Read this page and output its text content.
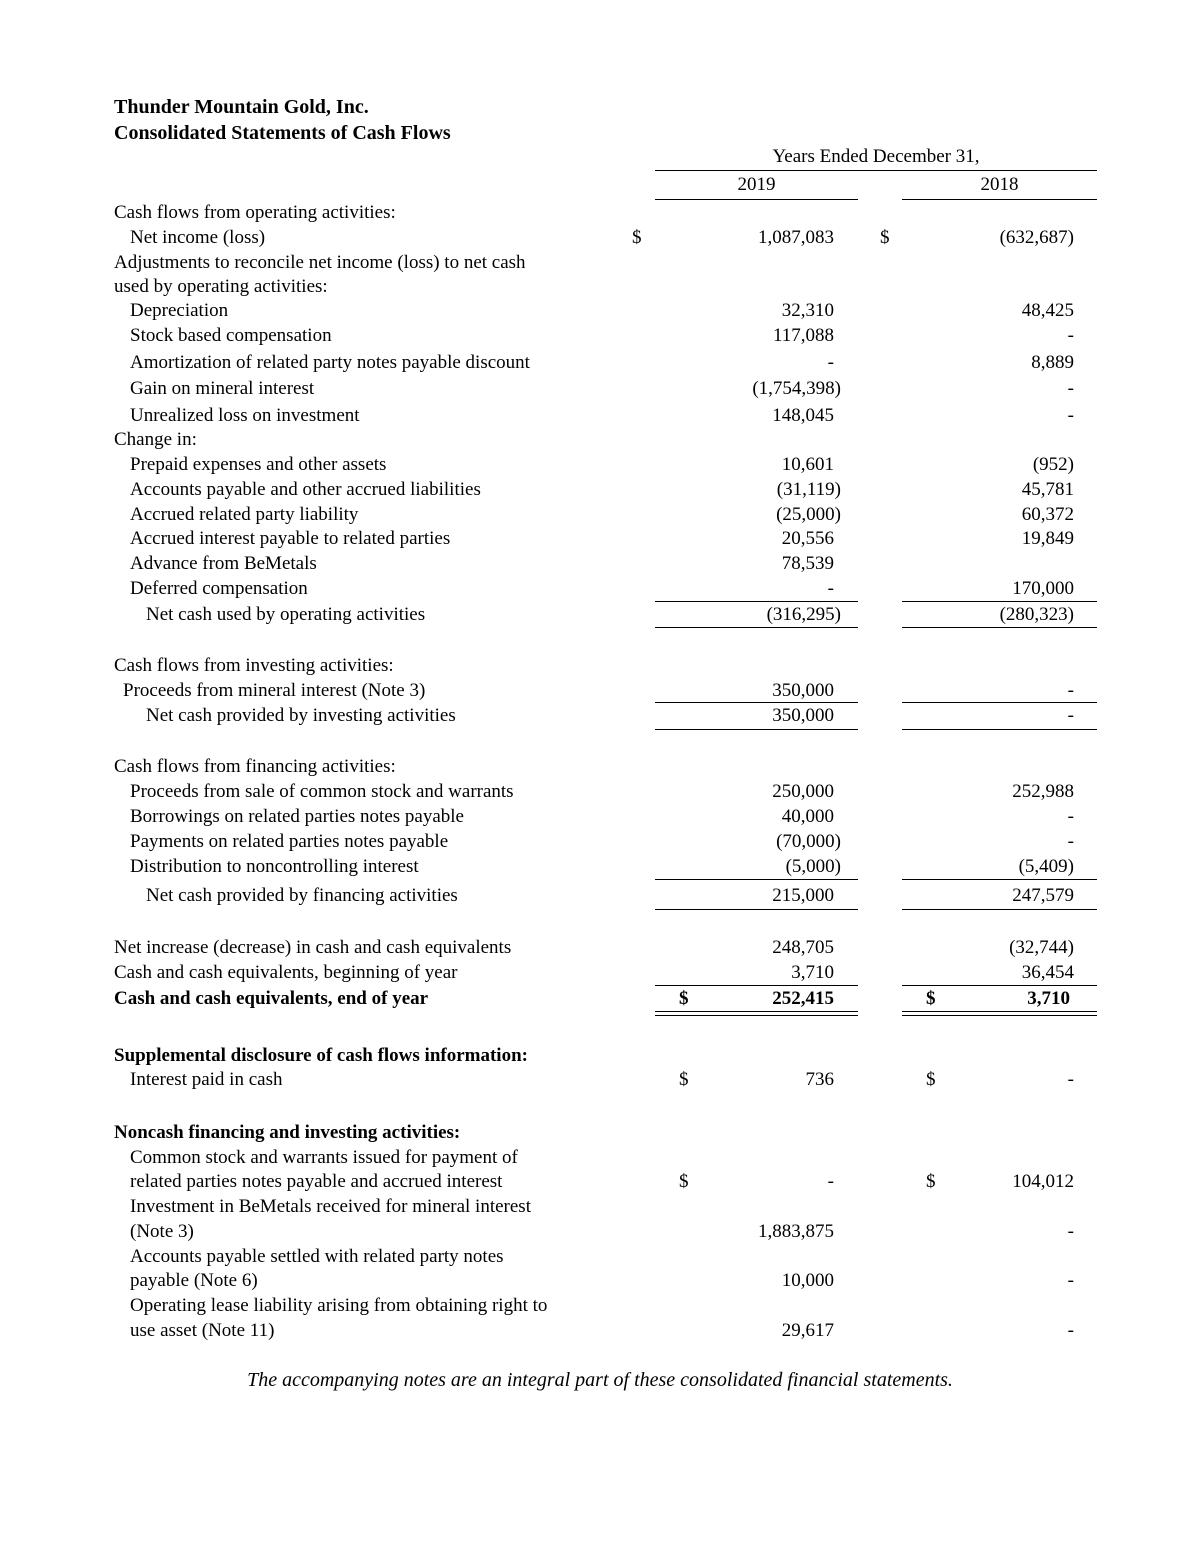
Thunder Mountain Gold, Inc.
Consolidated Statements of Cash Flows
Years Ended December 31,
2019	2018
Cash flows from operating activities:
Net income (loss)	$	1,087,083 $	(632,687)
Adjustments to reconcile net income (loss) to net cash
used by operating activities:
Depreciation	32,310	48,425
Stock based compensation	117,088	-
Amortization of related party notes payable discount	-	8,889
Gain on mineral interest	(1,754,398)	-
Unrealized loss on investment	148,045	-
Change in:
Prepaid expenses and other assets	10,601	(952)
Accounts payable and other accrued liabilities	(31,119)	45,781
Accrued related party liability	(25,000)	60,372
Accrued interest payable to related parties	20,556	19,849
Advance from BeMetals	78,539
Deferred compensation	-	170,000
Net cash used by operating activities	(316,295)	(280,323)
Cash flows from investing activities:
Proceeds from mineral interest (Note 3)	350,000	-
Net cash provided by investing activities	350,000	-
Cash flows from financing activities:
Proceeds from sale of common stock and warrants	250,000	252,988
Borrowings on related parties notes payable	40,000	-
Payments on related parties notes payable	(70,000)	-
Distribution to noncontrolling interest	(5,000)	(5,409)
Net cash provided by financing activities	215,000	247,579
Net increase (decrease) in cash and cash equivalents	248,705	(32,744)
Cash and cash equivalents, beginning of year	3,710	36,454
Cash and cash equivalents, end of year	$	252,415	$	3,710
Supplemental disclosure of cash flows information:
Interest paid in cash	$	736	$	-
Noncash financing and investing activities:
Common stock and warrants issued for payment of
related parties notes payable and accrued interest	$	-	$	104,012
Investment in BeMetals received for mineral interest
(Note 3)	1,883,875	-
Accounts payable settled with related party notes
payable (Note 6)	10,000	-
Operating lease liability arising from obtaining right to
use asset (Note 11)	29,617	-
The accompanying notes are an integral part of these consolidated financial statements.
